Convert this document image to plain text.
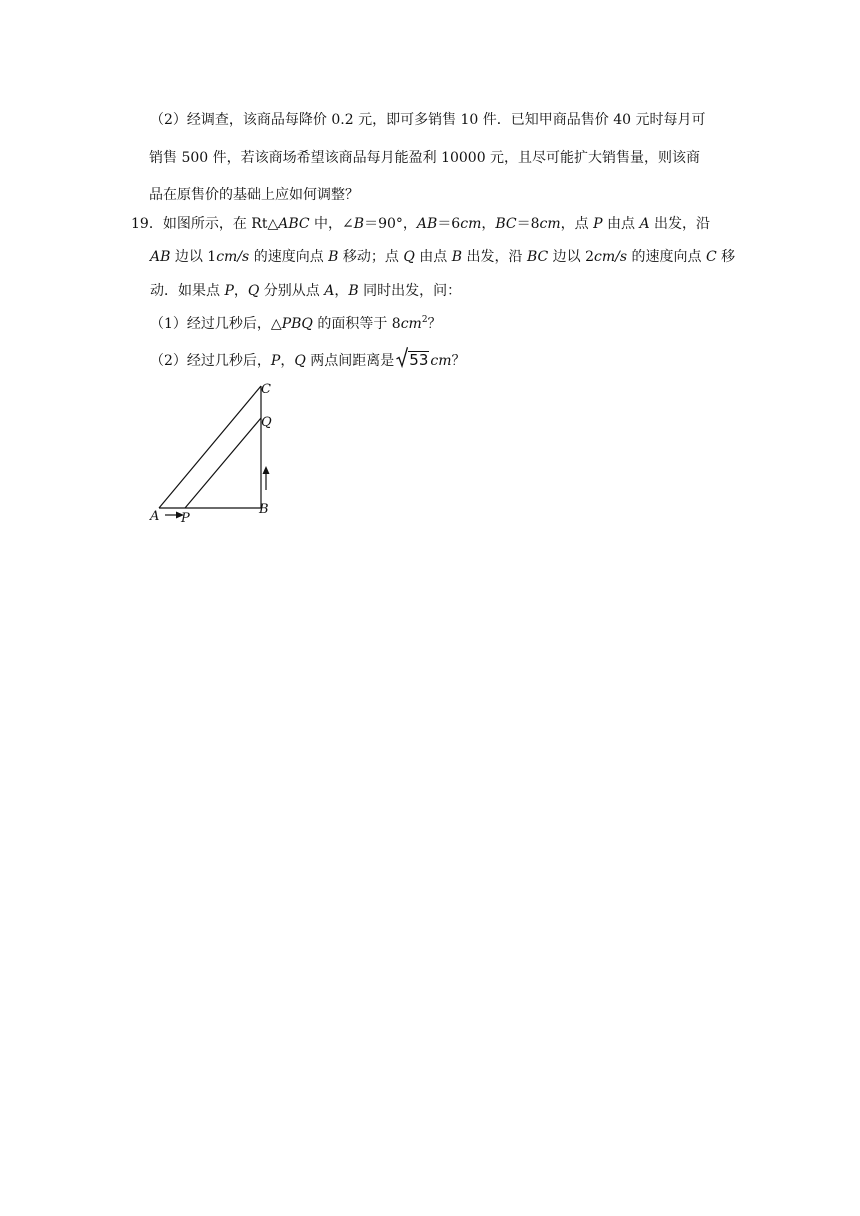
（2）经调查，该商品每降价 0.2 元，即可多销售 10 件．已知甲商品售价 40 元时每月可
销售 500 件，若该商场希望该商品每月能盈利 10000 元，且尽可能扩大销售量，则该商
品在原售价的基础上应如何调整？
19．如图所示，在 Rt△ABC 中，∠B＝90°，AB＝6cm，BC＝8cm，点 P 由点 A 出发，沿
AB 边以 1cm/s 的速度向点 B 移动；点 Q 由点 B 出发，沿 BC 边以 2cm/s 的速度向点 C 移
动．如果点 P，Q 分别从点 A，B 同时出发，问：
（1）经过几秒后，△PBQ 的面积等于 $8cm^2$？
（2）经过几秒后，P，Q 两点间距离是 53 cm？
A P
B
Q
C
